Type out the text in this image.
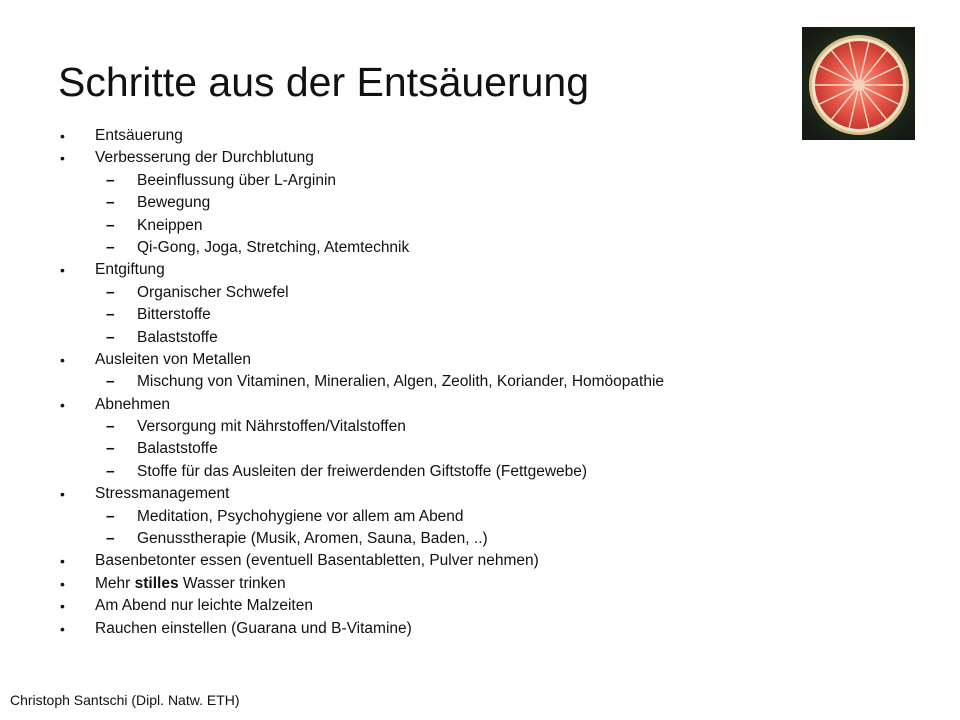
Schritte aus der Entsäuerung
• Entsäuerung
• Verbesserung der Durchblutung
– Beeinflussung über L-Arginin
– Bewegung
– Kneippen
– Qi-Gong, Joga, Stretching, Atemtechnik
• Entgiftung
– Organischer Schwefel
– Bitterstoffe
– Balaststoffe
• Ausleiten von Metallen
– Mischung von Vitaminen, Mineralien, Algen, Zeolith, Koriander, Homöopathie
• Abnehmen
– Versorgung mit Nährstoffen/Vitalstoffen
– Balaststoffe
– Stoffe für das Ausleiten der freiwerdenden Giftstoffe (Fettgewebe)
• Stressmanagement
– Meditation, Psychohygiene vor allem am Abend
– Genusstherapie (Musik, Aromen, Sauna, Baden, ..)
• Basenbetonter essen (eventuell Basentabletten, Pulver nehmen)
• Mehr stilles Wasser trinken
• Am Abend nur leichte Malzeiten
• Rauchen einstellen (Guarana und B-Vitamine)
Christoph Santschi (Dipl. Natw. ETH)
